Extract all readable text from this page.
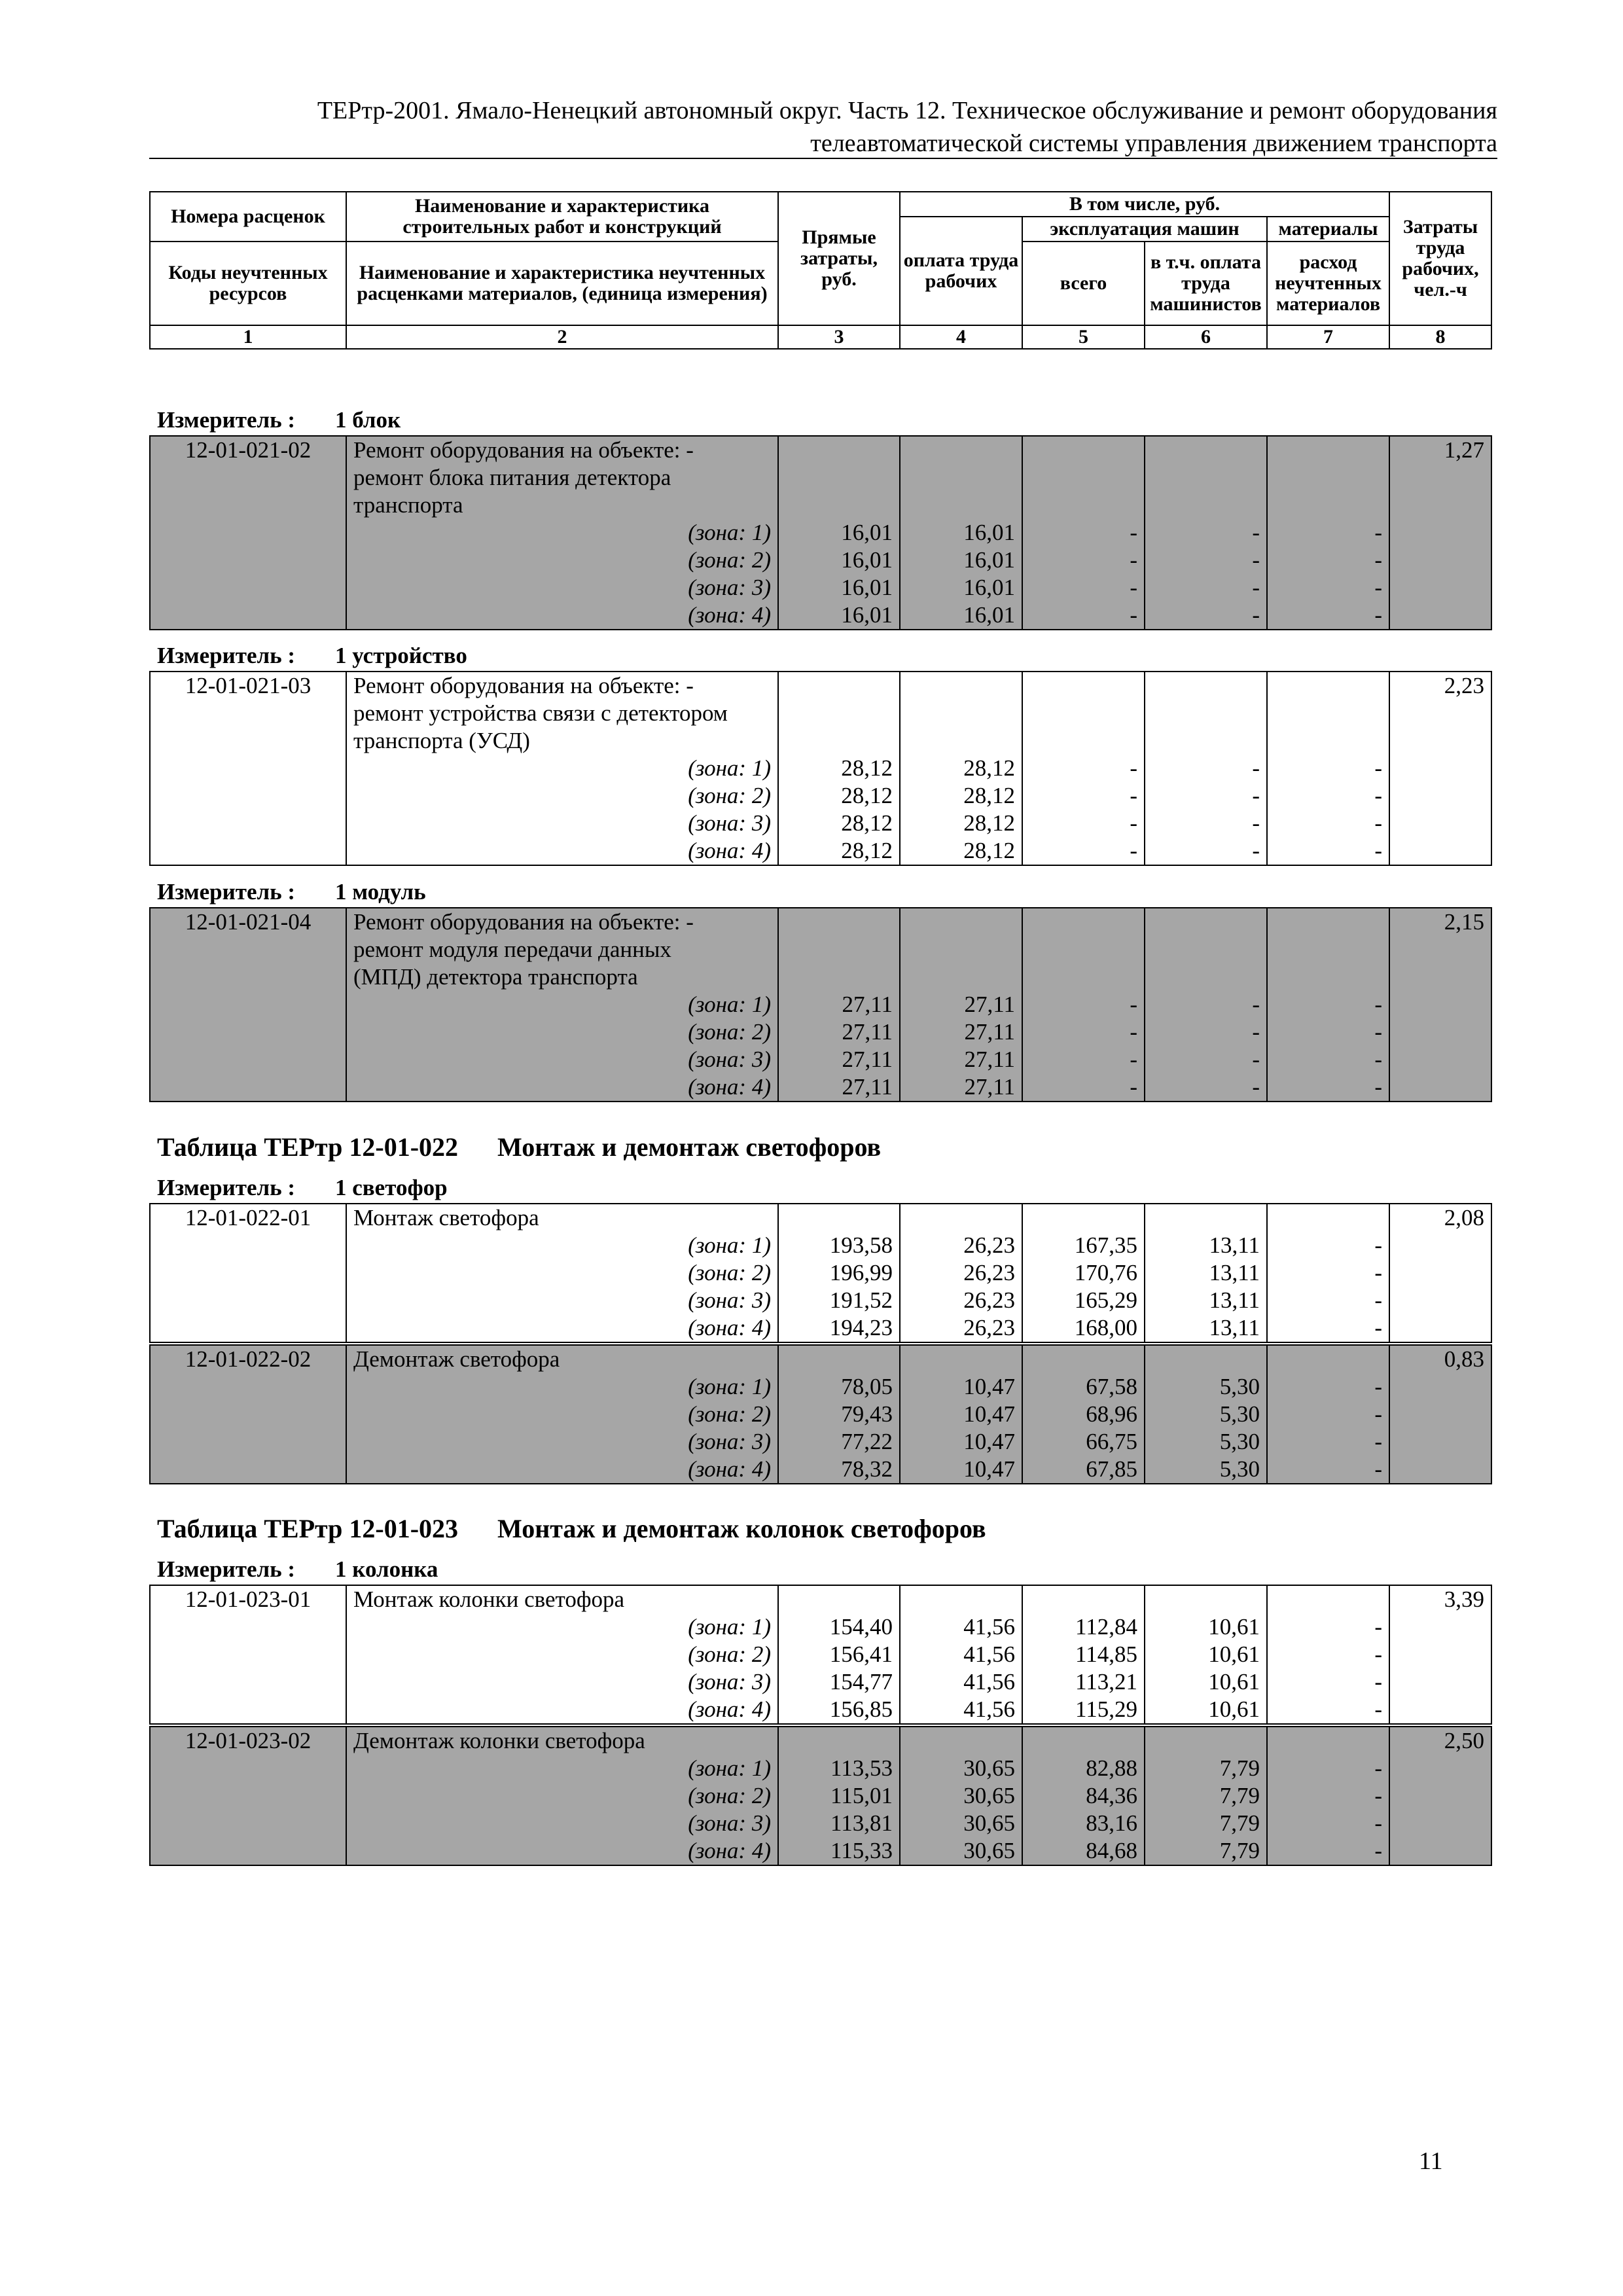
ТЕРтр-2001. Ямало-Ненецкий автономный округ. Часть 12. Техническое обслуживание и ремонт оборудования
телеавтоматической системы управления движением транспорта
Номера расценок	Наименование и характеристика строительных работ и конструкций	Прямые затраты, руб.	В том числе, руб.				Затраты труда рабочих, чел.-ч
			оплата труда рабочих	эксплуатация машин		материалы	
Коды неучтенных ресурсов	Наименование и характеристика неучтенных расценками материалов, (единица измерения)			всего	в т.ч. оплата труда машинистов	расход неучтенных материалов	

1	2	3	4	5	6	7	8
Измеритель : 1 блок
12-01-021-02	Ремонт оборудования на объекте: -						1,27
	ремонт блока питания детектора						
	транспорта						
	(зона: 1)	16,01	16,01	-	-	-	
	(зона: 2)	16,01	16,01	-	-	-	
	(зона: 3)	16,01	16,01	-	-	-	
	(зона: 4)	16,01	16,01	-	-	-	
Измеритель : 1 устройство
12-01-021-03	Ремонт оборудования на объекте: -						2,23
	ремонт устройства связи с детектором						
	транспорта (УСД)						
	(зона: 1)	28,12	28,12	-	-	-	
	(зона: 2)	28,12	28,12	-	-	-	
	(зона: 3)	28,12	28,12	-	-	-	
	(зона: 4)	28,12	28,12	-	-	-	
Измеритель : 1 модуль
12-01-021-04	Ремонт оборудования на объекте: -						2,15
	ремонт модуля передачи данных						
	(МПД) детектора транспорта						
	(зона: 1)	27,11	27,11	-	-	-	
	(зона: 2)	27,11	27,11	-	-	-	
	(зона: 3)	27,11	27,11	-	-	-	
	(зона: 4)	27,11	27,11	-	-	-	
Таблица ТЕРтр 12-01-022 Монтаж и демонтаж светофоров
Измеритель : 1 светофор
12-01-022-01	Монтаж светофора						2,08
	(зона: 1)	193,58	26,23	167,35	13,11	-	
	(зона: 2)	196,99	26,23	170,76	13,11	-	
	(зона: 3)	191,52	26,23	165,29	13,11	-	
	(зона: 4)	194,23	26,23	168,00	13,11	-	
12-01-022-02	Демонтаж светофора						0,83
	(зона: 1)	78,05	10,47	67,58	5,30	-	
	(зона: 2)	79,43	10,47	68,96	5,30	-	
	(зона: 3)	77,22	10,47	66,75	5,30	-	
	(зона: 4)	78,32	10,47	67,85	5,30	-	
Таблица ТЕРтр 12-01-023 Монтаж и демонтаж колонок светофоров
Измеритель : 1 колонка
12-01-023-01	Монтаж колонки светофора						3,39
	(зона: 1)	154,40	41,56	112,84	10,61	-	
	(зона: 2)	156,41	41,56	114,85	10,61	-	
	(зона: 3)	154,77	41,56	113,21	10,61	-	
	(зона: 4)	156,85	41,56	115,29	10,61	-	
12-01-023-02	Демонтаж колонки светофора						2,50
	(зона: 1)	113,53	30,65	82,88	7,79	-	
	(зона: 2)	115,01	30,65	84,36	7,79	-	
	(зона: 3)	113,81	30,65	83,16	7,79	-	
	(зона: 4)	115,33	30,65	84,68	7,79	-	
11
